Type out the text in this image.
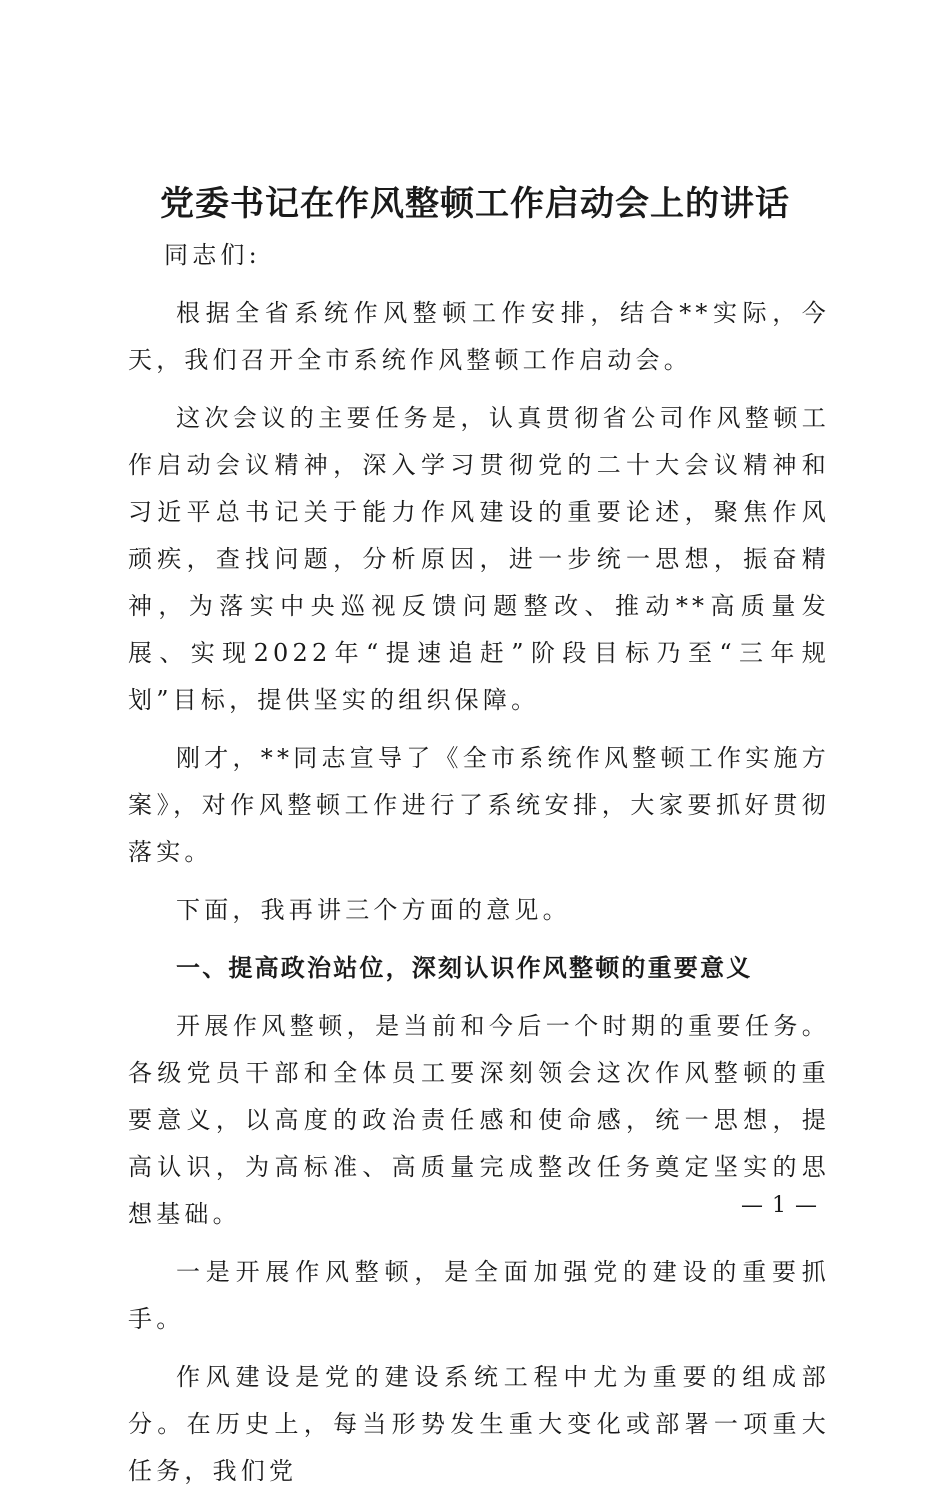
党委书记在作风整顿工作启动会上的讲话

同志们:

根据全省系统作风整顿工作安排，结合**实际，今天，我们召开全市系统作风整顿工作启动会。

这次会议的主要任务是，认真贯彻省公司作风整顿工作启动会议精神，深入学习贯彻党的二十大会议精神和习近平总书记关于能力作风建设的重要论述，聚焦作风顽疾，查找问题，分析原因，进一步统一思想，振奋精神，为落实中央巡视反馈问题整改、推动**高质量发展、实现2022年“提速追赶”阶段目标乃至“三年规划”目标，提供坚实的组织保障。

刚才，**同志宣导了《全市系统作风整顿工作实施方案》，对作风整顿工作进行了系统安排，大家要抓好贯彻落实。

下面，我再讲三个方面的意见。

一、提高政治站位，深刻认识作风整顿的重要意义

开展作风整顿，是当前和今后一个时期的重要任务。各级党员干部和全体员工要深刻领会这次作风整顿的重要意义，以高度的政治责任感和使命感，统一思想，提高认识，为高标准、高质量完成整改任务奠定坚实的思想基础。

一是开展作风整顿，是全面加强党的建设的重要抓手。

作风建设是党的建设系统工程中尤为重要的组成部分。在历史上，每当形势发生重大变化或部署一项重大任务，我们党

— 1 —
